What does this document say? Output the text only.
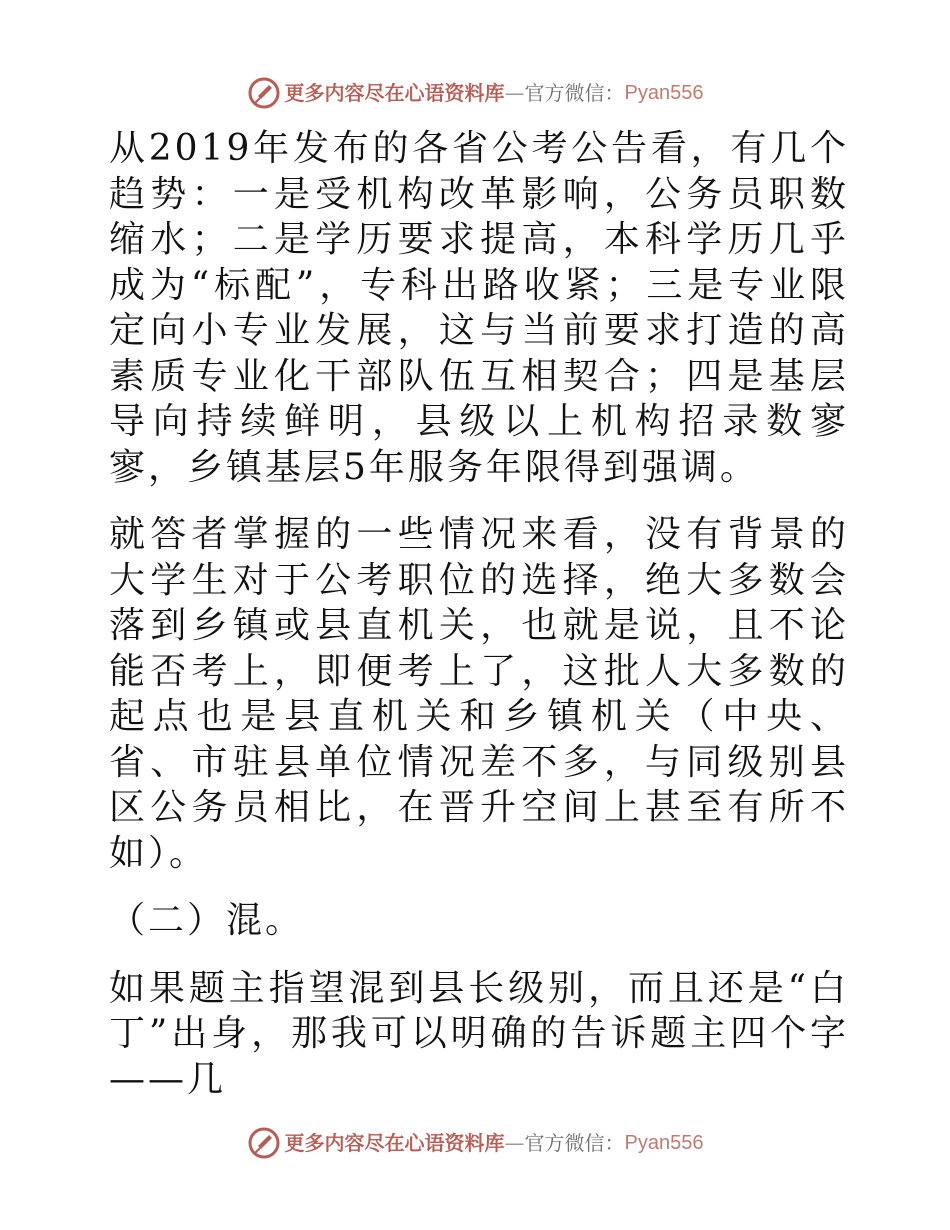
更多内容尽在心语资料库—官方微信：Pyan556

从2019年发布的各省公考公告看，有几个趋势：一是受机构改革影响，公务员职数缩水；二是学历要求提高，本科学历几乎成为“标配”，专科出路收紧；三是专业限定向小专业发展，这与当前要求打造的高素质专业化干部队伍互相契合；四是基层导向持续鲜明，县级以上机构招录数寥寥，乡镇基层5年服务年限得到强调。

就答者掌握的一些情况来看，没有背景的大学生对于公考职位的选择，绝大多数会落到乡镇或县直机关，也就是说，且不论能否考上，即便考上了，这批人大多数的起点也是县直机关和乡镇机关（中央、省、市驻县单位情况差不多，与同级别县区公务员相比，在晋升空间上甚至有所不如）。

（二）混。

如果题主指望混到县长级别，而且还是“白丁”出身，那我可以明确的告诉题主四个字——几

更多内容尽在心语资料库—官方微信：Pyan556
